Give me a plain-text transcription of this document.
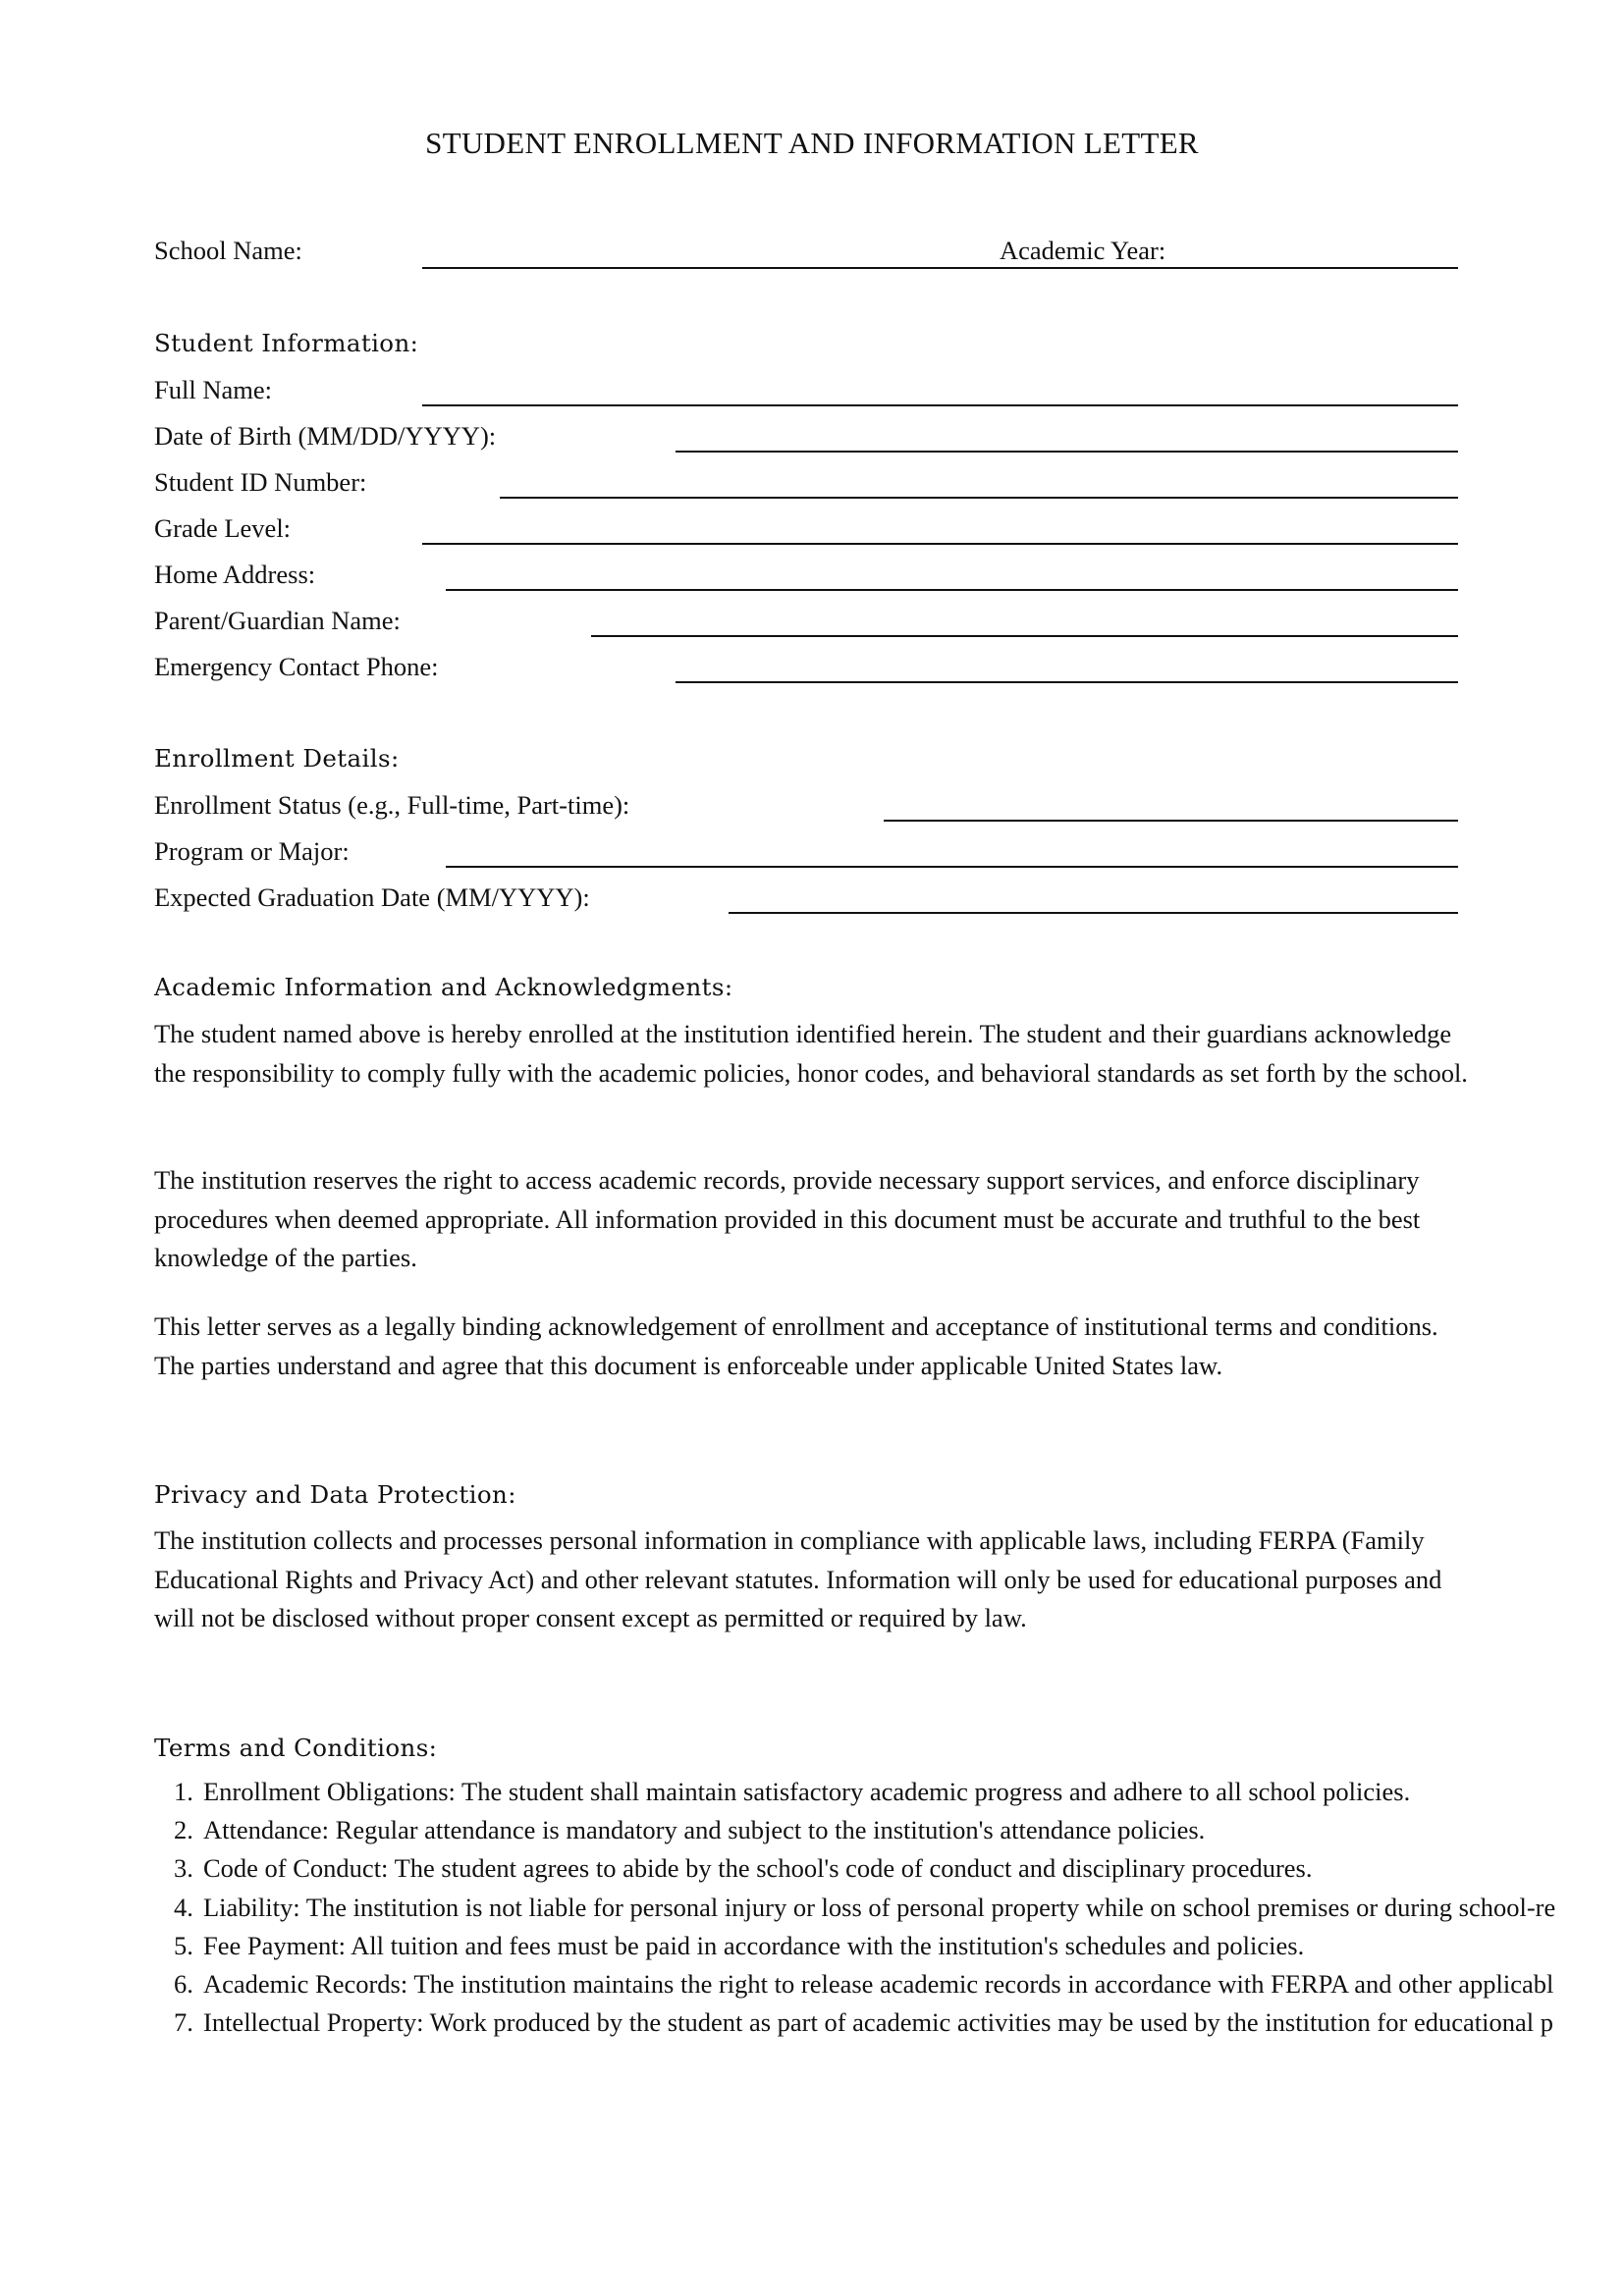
STUDENT ENROLLMENT AND INFORMATION LETTER
School Name:	Academic Year:
Student Information:
Full Name:
Date of Birth (MM/DD/YYYY):
Student ID Number:
Grade Level:
Home Address:
Parent/Guardian Name:
Emergency Contact Phone:
Enrollment Details:
Enrollment Status (e.g., Full-time, Part-time):
Program or Major:
Expected Graduation Date (MM/YYYY):
Academic Information and Acknowledgments:

The student named above is hereby enrolled at the institution identified herein. The student and their guardians acknowledge the responsibility to comply fully with the academic policies, honor codes, and behavioral standards as set forth by the school.

The institution reserves the right to access academic records, provide necessary support services, and enforce disciplinary procedures when deemed appropriate. All information provided in this document must be accurate and truthful to the best knowledge of the parties.

This letter serves as a legally binding acknowledgement of enrollment and acceptance of institutional terms and conditions. The parties understand and agree that this document is enforceable under applicable United States law.

Privacy and Data Protection:

The institution collects and processes personal information in compliance with applicable laws, including FERPA (Family Educational Rights and Privacy Act) and other relevant statutes. Information will only be used for educational purposes and will not be disclosed without proper consent except as permitted or required by law.

Terms and Conditions:
1. Enrollment Obligations: The student shall maintain satisfactory academic progress and adhere to all school policies.
2. Attendance: Regular attendance is mandatory and subject to the institution's attendance policies.
3. Code of Conduct: The student agrees to abide by the school's code of conduct and disciplinary procedures.
4. Liability: The institution is not liable for personal injury or loss of personal property while on school premises or during school-re
5. Fee Payment: All tuition and fees must be paid in accordance with the institution's schedules and policies.
6. Academic Records: The institution maintains the right to release academic records in accordance with FERPA and other applicabl
7. Intellectual Property: Work produced by the student as part of academic activities may be used by the institution for educational p
